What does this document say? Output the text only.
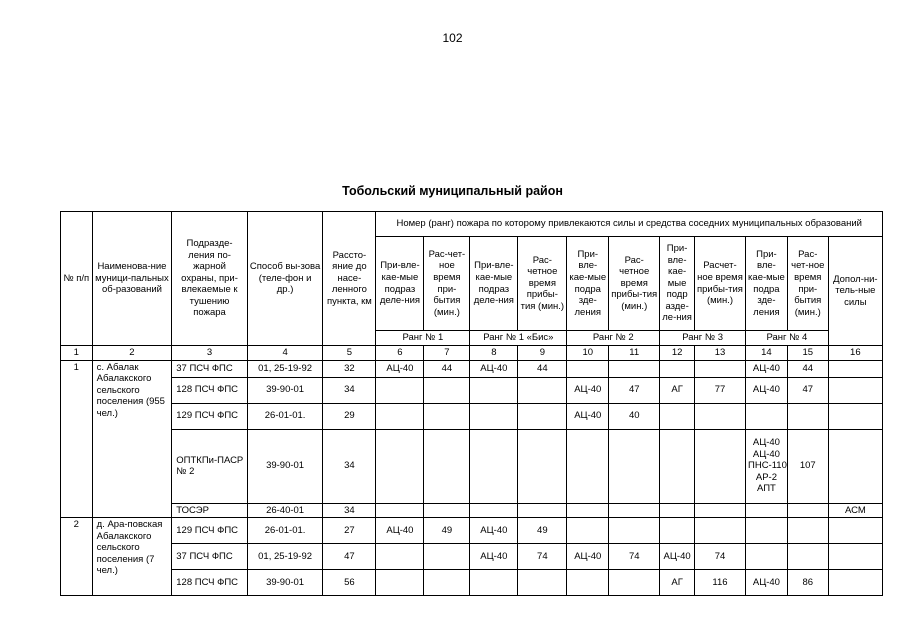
102
Тобольский муниципальный район
№ п/п	Наименова-ние муници-пальных об-разований	Подразде-ления по-жарной охраны, при-влекаемые к тушению пожара	Способ вы-зова (теле-фон и др.)	Рассто-яние до насе-ленного пункта, км	Номер (ранг) пожара по которому привлекаются силы и средства соседних муниципальных образований										
					При-вле-кае-мые подраз деле-ния	Рас-чет-ное время при-бытия (мин.)	При-вле-кае-мые подраз деле-ния	Рас-четное время прибы-тия (мин.)	При-вле-кае-мые подра зде-ления	Рас-четное время прибы-тия (мин.)	При-вле-кае-мые подр азде-ле-ния	Расчет-ное время прибы-тия (мин.)	При-вле-кае-мые подра зде-ления	Рас-чет-ное время при-бытия (мин.)	Допол-ни-тель-ные силы
					Ранг № 1		Ранг № 1 «Бис»		Ранг № 2		Ранг № 3		Ранг № 4		
1	2	3	4	5	6	7	8	9	10	11	12	13	14	15	16
1	с. Абалак Абалакского сельского поселения (955 чел.)	37 ПСЧ ФПС	01, 25-19-92	32	АЦ-40	44	АЦ-40	44					АЦ-40	44	
		128 ПСЧ ФПС	39-90-01	34					АЦ-40	47	АГ	77	АЦ-40	47	
		129 ПСЧ ФПС	26-01-01.	29					АЦ-40	40					
		ОПТКПи-ПАСР № 2	39-90-01	34									АЦ-40 АЦ-40 ПНС-110 АР-2 АПТ	107	
		ТОСЭР	26-40-01	34											АСМ
2	д. Ара-повская Абалакского сельского поселения (7 чел.)	129 ПСЧ ФПС	26-01-01.	27	АЦ-40	49	АЦ-40	49							
		37 ПСЧ ФПС	01, 25-19-92	47			АЦ-40	74	АЦ-40	74	АЦ-40	74			
		128 ПСЧ ФПС	39-90-01	56							АГ	116	АЦ-40	86	
